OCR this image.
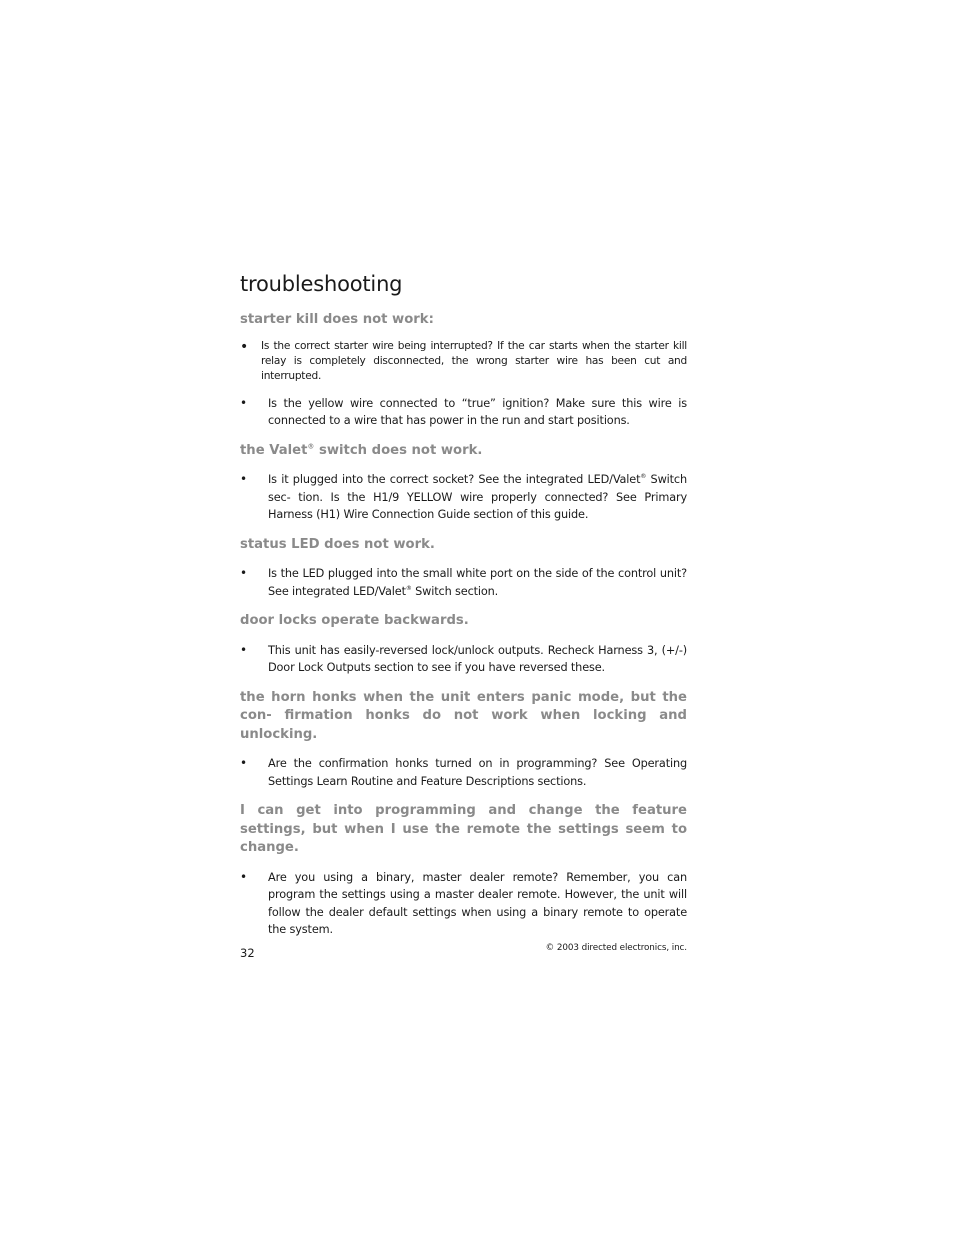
troubleshooting
starter kill does not work:
•	Is the correct starter wire being interrupted? If the car starts when the starter kill relay is completely disconnected, the wrong starter wire has been cut and interrupted.
•	Is the yellow wire connected to “true” ignition? Make sure this wire is connected to a wire that has power in the run and start positions.
the Valet® switch does not work.
•	Is it plugged into the correct socket? See the integrated LED/Valet® Switch sec- tion. Is the H1/9 YELLOW wire properly connected? See Primary Harness (H1) Wire Connection Guide section of this guide.
status LED does not work.
•	Is the LED plugged into the small white port on the side of the control unit? See integrated LED/Valet® Switch section.
door locks operate backwards.
•	This unit has easily-reversed lock/unlock outputs. Recheck Harness 3, (+/-) Door Lock Outputs section to see if you have reversed these.
the horn honks when the unit enters panic mode, but the con- firmation honks do not work when locking and unlocking.
•	Are the confirmation honks turned on in programming? See Operating Settings Learn Routine and Feature Descriptions sections.
I can get into programming and change the feature settings, but when I use the remote the settings seem to change.
•	Are you using a binary, master dealer remote? Remember, you can program the settings using a master dealer remote. However, the unit will follow the dealer default settings when using a binary remote to operate the system.
32	© 2003 directed electronics, inc.
